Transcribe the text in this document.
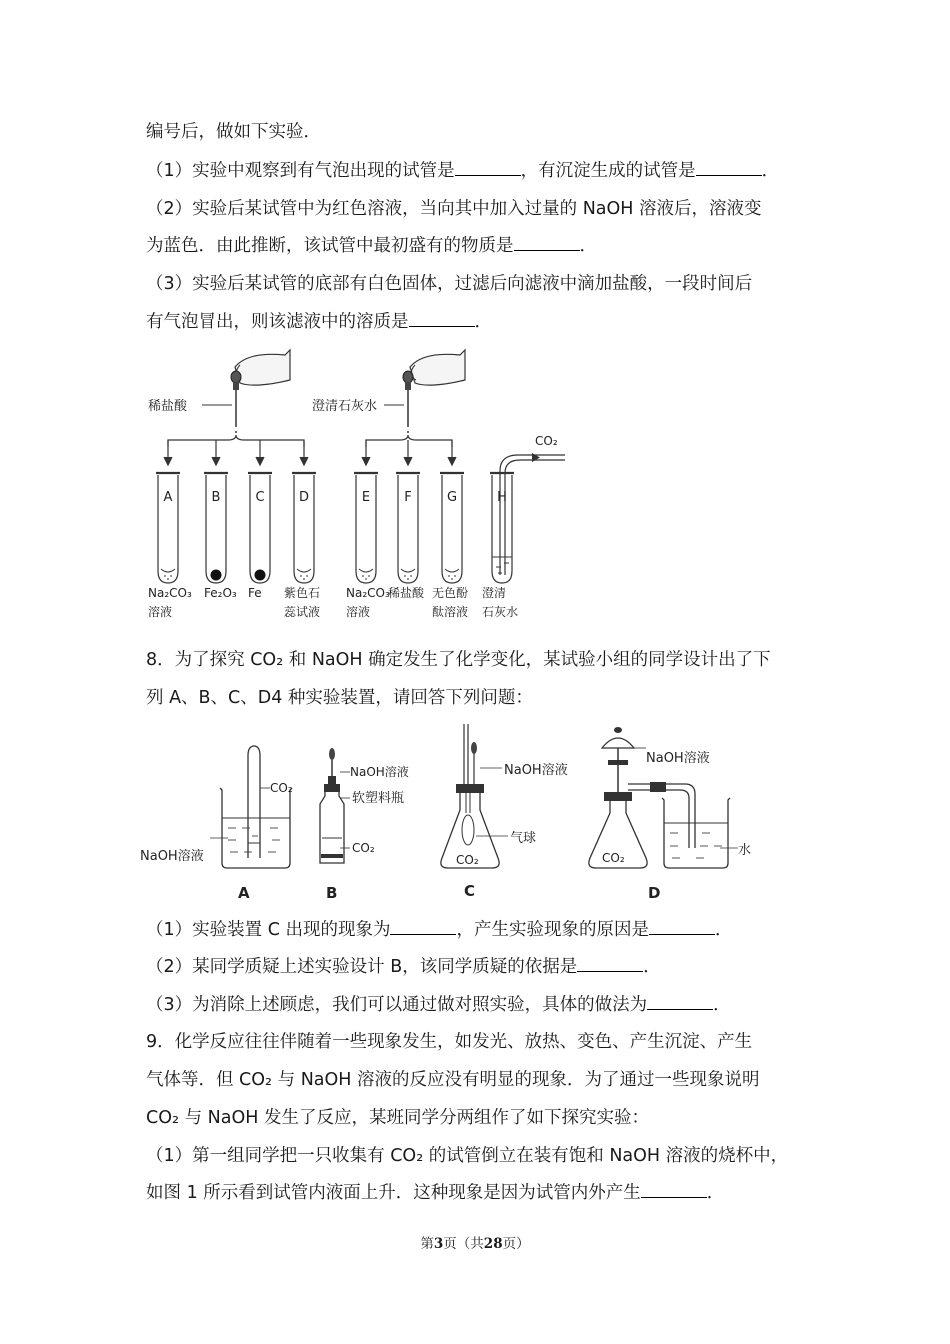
编号后，做如下实验．
（1）实验中观察到有气泡出现的试管是	，有沉淀生成的试管是	．
（2）实验后某试管中为红色溶液，当向其中加入过量的 NaOH 溶液后，溶液变
为蓝色．由此推断，该试管中最初盛有的物质是	．
（3）实验后某试管的底部有白色固体，过滤后向滤液中滴加盐酸，一段时间后
有气泡冒出，则该滤液中的溶质是	．
稀盐酸	澄清石灰水
CO₂
A
Na₂CO₃
溶液
B
Fe₂O₃
C
Fe
D
紫色石
蕊试液
E
Na₂CO₃
溶液
F
稀盐酸
G
无色酚
酞溶液
H
澄清
石灰水
8．为了探究 CO₂ 和 NaOH 确定发生了化学变化，某试验小组的同学设计出了下
列 A、B、C、D4 种实验装置，请回答下列问题：
CO₂
NaOH溶液
NaOH溶液
软塑料瓶
CO₂
NaOH溶液
气球
CO₂
NaOH溶液
水
CO₂
A	B	C	D
（1）实验装置 C 出现的现象为	，产生实验现象的原因是	．
（2）某同学质疑上述实验设计 B，该同学质疑的依据是	．
（3）为消除上述顾虑，我们可以通过做对照实验，具体的做法为	．
9．化学反应往往伴随着一些现象发生，如发光、放热、变色、产生沉淀、产生
气体等．但 CO₂ 与 NaOH 溶液的反应没有明显的现象．为了通过一些现象说明
CO₂ 与 NaOH 发生了反应，某班同学分两组作了如下探究实验：
（1）第一组同学把一只收集有 CO₂ 的试管倒立在装有饱和 NaOH 溶液的烧杯中，
如图 1 所示看到试管内液面上升．这种现象是因为试管内外产生	．
第3页（共28页）
